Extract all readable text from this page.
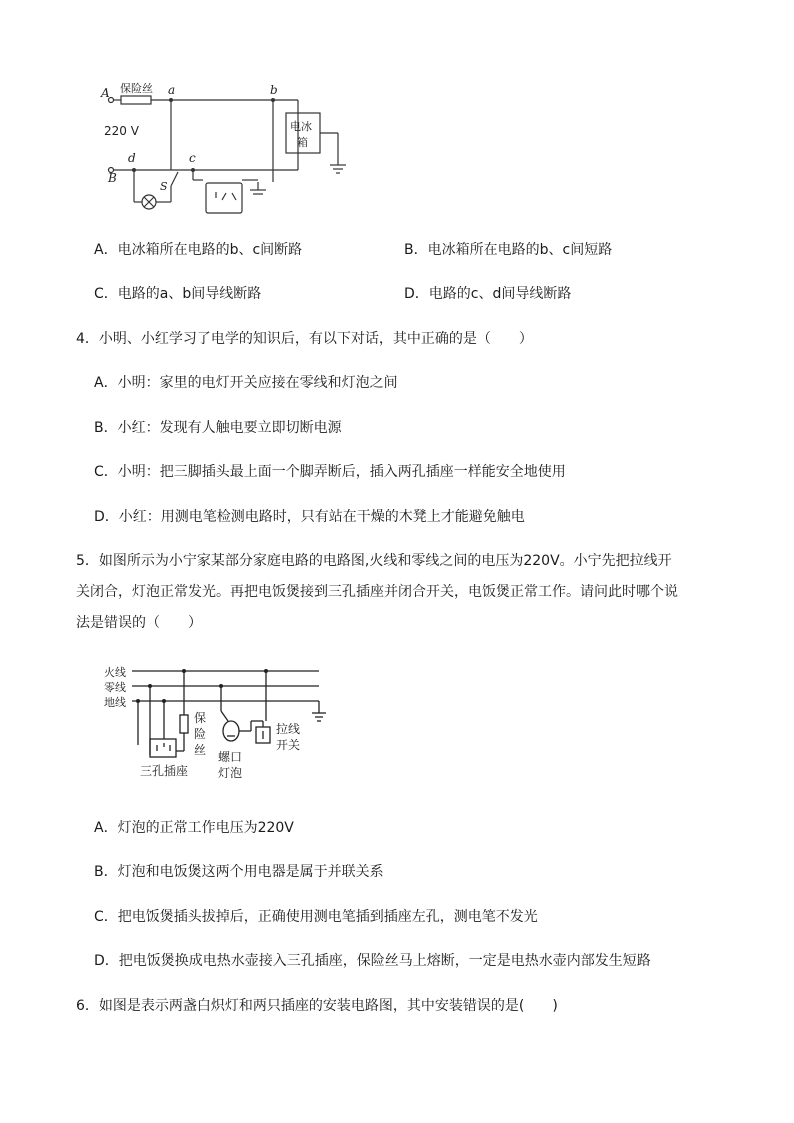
A 保险丝 a	b
220 V
d	c
B
S
电冰
箱
A．电冰箱所在电路的b、c间断路	B．电冰箱所在电路的b、c间短路
C．电路的a、b间导线断路	D．电路的c、d间导线断路
4．小明、小红学习了电学的知识后，有以下对话，其中正确的是（　　）
A．小明：家里的电灯开关应接在零线和灯泡之间
B．小红：发现有人触电要立即切断电源
C．小明：把三脚插头最上面一个脚弄断后，插入两孔插座一样能安全地使用
D．小红：用测电笔检测电路时，只有站在干燥的木凳上才能避免触电
5．如图所示为小宁家某部分家庭电路的电路图,火线和零线之间的电压为220V。小宁先把拉线开
关闭合，灯泡正常发光。再把电饭煲接到三孔插座并闭合开关，电饭煲正常工作。请问此时哪个说
法是错误的（　　）
火线
零线
地线
保
险
丝
三孔插座
螺口
灯泡
拉线
开关
A．灯泡的正常工作电压为220V
B．灯泡和电饭煲这两个用电器是属于并联关系
C．把电饭煲插头拔掉后，正确使用测电笔插到插座左孔，测电笔不发光
D．把电饭煲换成电热水壶接入三孔插座，保险丝马上熔断，一定是电热水壶内部发生短路
6．如图是表示两盏白炽灯和两只插座的安装电路图，其中安装错误的是(　　)
